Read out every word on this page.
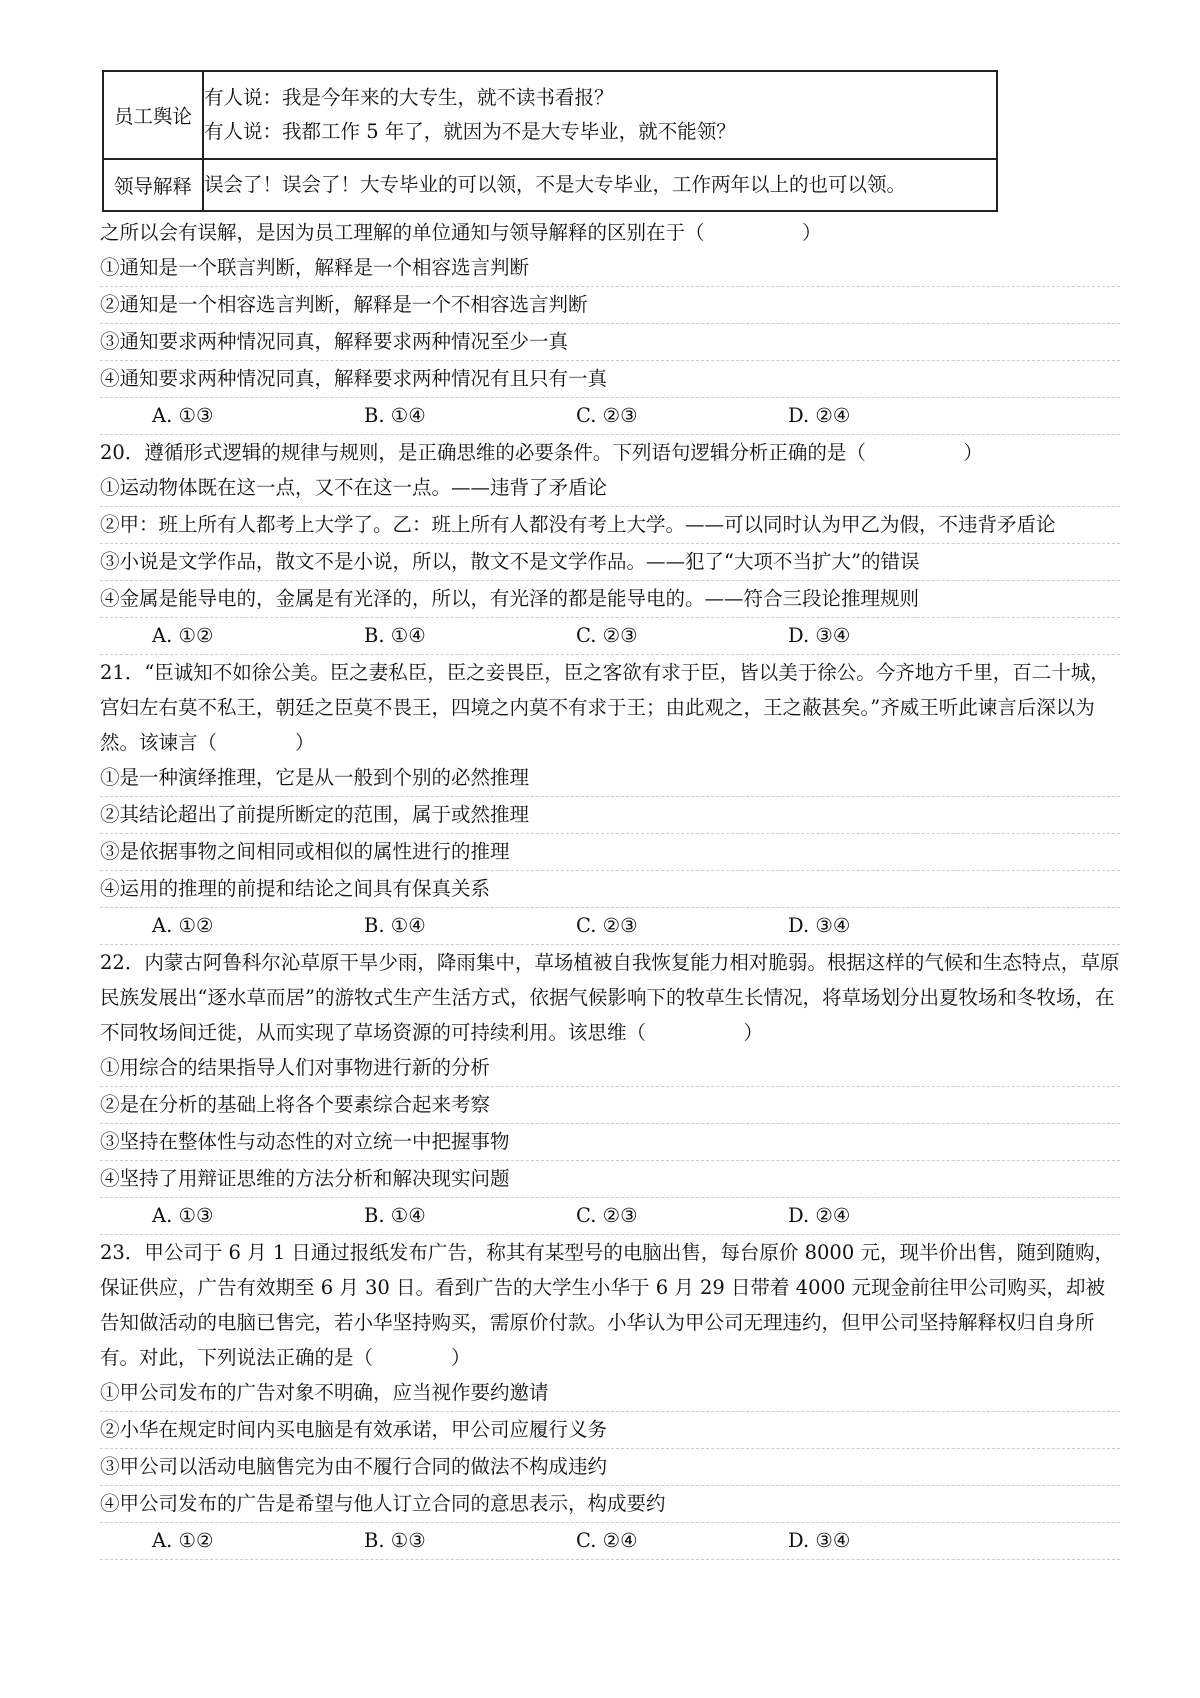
员工舆论	有人说：我是今年来的大专生，就不读书看报？
有人说：我都工作 5 年了，就因为不是大专毕业，就不能领？

领导解释	误会了！误会了！大专毕业的可以领，不是大专毕业，工作两年以上的也可以领。
之所以会有误解，是因为员工理解的单位通知与领导解释的区别在于（　　　　　）
①通知是一个联言判断，解释是一个相容选言判断
②通知是一个相容选言判断，解释是一个不相容选言判断
③通知要求两种情况同真，解释要求两种情况至少一真
④通知要求两种情况同真，解释要求两种情况有且只有一真
A. ①③	B. ①④	C. ②③	D. ②④
20．遵循形式逻辑的规律与规则，是正确思维的必要条件。下列语句逻辑分析正确的是（　　　　　）
①运动物体既在这一点，又不在这一点。——违背了矛盾论
②甲：班上所有人都考上大学了。乙：班上所有人都没有考上大学。——可以同时认为甲乙为假，不违背矛盾论
③小说是文学作品，散文不是小说，所以，散文不是文学作品。——犯了“大项不当扩大”的错误
④金属是能导电的，金属是有光泽的，所以，有光泽的都是能导电的。——符合三段论推理规则
A. ①②	B. ①④	C. ②③	D. ③④
21．“臣诚知不如徐公美。臣之妻私臣，臣之妾畏臣，臣之客欲有求于臣，皆以美于徐公。今齐地方千里，百二十城，宫妇左右莫不私王，朝廷之臣莫不畏王，四境之内莫不有求于王；由此观之，王之蔽甚矣。”齐威王听此谏言后深以为然。该谏言（　　　　）
①是一种演绎推理，它是从一般到个别的必然推理
②其结论超出了前提所断定的范围，属于或然推理
③是依据事物之间相同或相似的属性进行的推理
④运用的推理的前提和结论之间具有保真关系
A. ①②	B. ①④	C. ②③	D. ③④
22．内蒙古阿鲁科尔沁草原干旱少雨，降雨集中，草场植被自我恢复能力相对脆弱。根据这样的气候和生态特点，草原民族发展出“逐水草而居”的游牧式生产生活方式，依据气候影响下的牧草生长情况，将草场划分出夏牧场和冬牧场，在不同牧场间迁徙，从而实现了草场资源的可持续利用。该思维（　　　　　）
①用综合的结果指导人们对事物进行新的分析
②是在分析的基础上将各个要素综合起来考察
③坚持在整体性与动态性的对立统一中把握事物
④坚持了用辩证思维的方法分析和解决现实问题
A. ①③	B. ①④	C. ②③	D. ②④
23．甲公司于 6 月 1 日通过报纸发布广告，称其有某型号的电脑出售，每台原价 8000 元，现半价出售，随到随购，保证供应，广告有效期至 6 月 30 日。看到广告的大学生小华于 6 月 29 日带着 4000 元现金前往甲公司购买，却被告知做活动的电脑已售完，若小华坚持购买，需原价付款。小华认为甲公司无理违约，但甲公司坚持解释权归自身所有。对此，下列说法正确的是（　　　　）
①甲公司发布的广告对象不明确，应当视作要约邀请
②小华在规定时间内买电脑是有效承诺，甲公司应履行义务
③甲公司以活动电脑售完为由不履行合同的做法不构成违约
④甲公司发布的广告是希望与他人订立合同的意思表示，构成要约
A. ①②	B. ①③	C. ②④	D. ③④
